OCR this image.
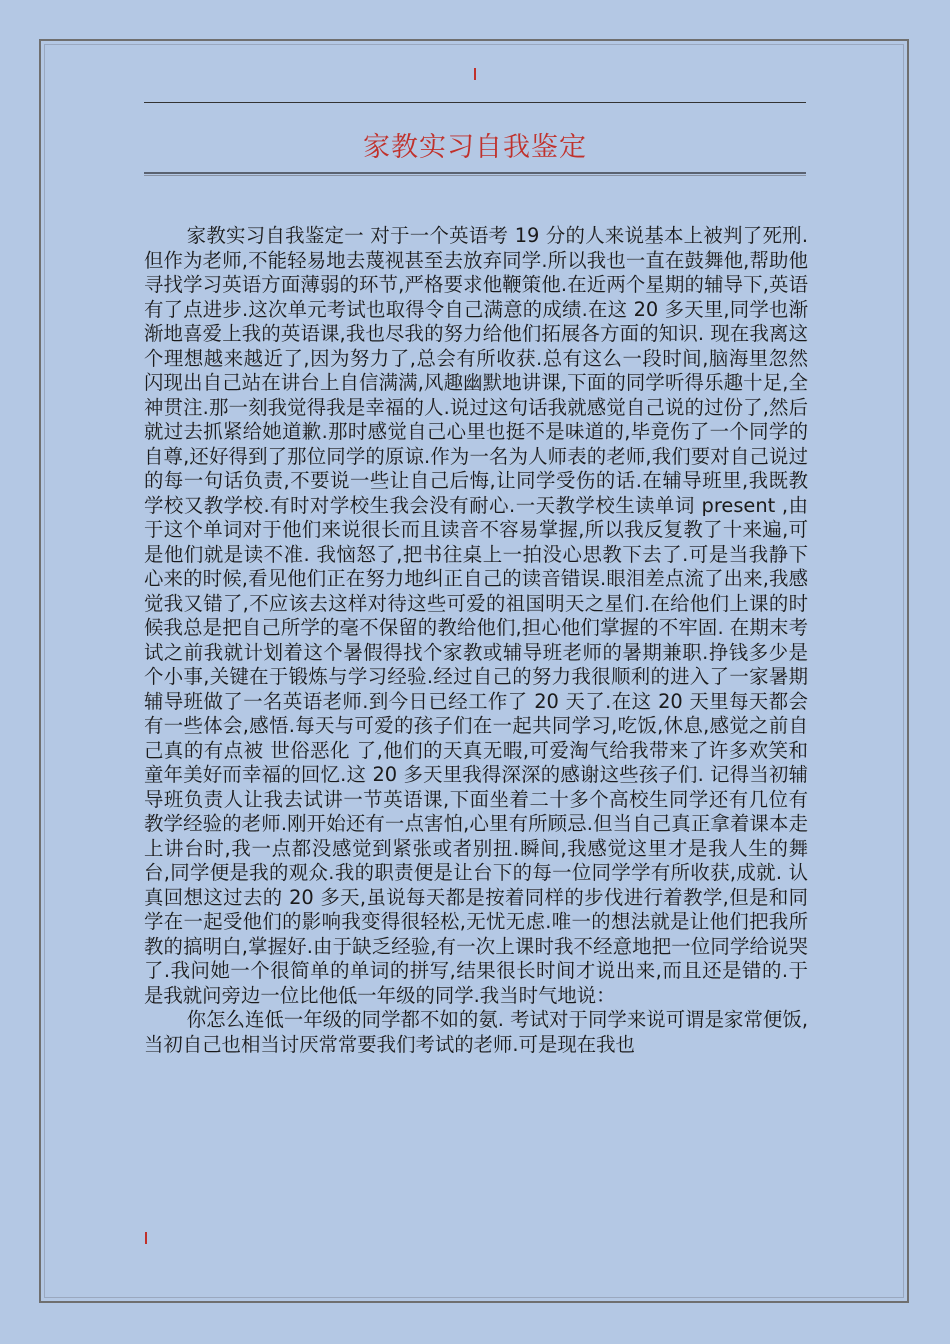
家教实习自我鉴定

家教实习自我鉴定一 对于一个英语考 19 分的人来说基本上被判了死刑.但作为老师,不能轻易地去蔑视甚至去放弃同学.所以我也一直在鼓舞他,帮助他寻找学习英语方面薄弱的环节,严格要求他鞭策他.在近两个星期的辅导下,英语有了点进步.这次单元考试也取得令自己满意的成绩.在这 20 多天里,同学也渐渐地喜爱上我的英语课,我也尽我的努力给他们拓展各方面的知识. 现在我离这个理想越来越近了,因为努力了,总会有所收获.总有这么一段时间,脑海里忽然闪现出自己站在讲台上自信满满,风趣幽默地讲课,下面的同学听得乐趣十足,全神贯注.那一刻我觉得我是幸福的人.说过这句话我就感觉自己说的过份了,然后就过去抓紧给她道歉.那时感觉自己心里也挺不是味道的,毕竟伤了一个同学的自尊,还好得到了那位同学的原谅.作为一名为人师表的老师,我们要对自己说过的每一句话负责,不要说一些让自己后悔,让同学受伤的话.在辅导班里,我既教学校又教学校.有时对学校生我会没有耐心.一天教学校生读单词 present ,由于这个单词对于他们来说很长而且读音不容易掌握,所以我反复教了十来遍,可是他们就是读不准. 我恼怒了,把书往桌上一拍没心思教下去了.可是当我静下心来的时候,看见他们正在努力地纠正自己的读音错误.眼泪差点流了出来,我感觉我又错了,不应该去这样对待这些可爱的祖国明天之星们.在给他们上课的时候我总是把自己所学的毫不保留的教给他们,担心他们掌握的不牢固. 在期末考试之前我就计划着这个暑假得找个家教或辅导班老师的暑期兼职.挣钱多少是个小事,关键在于锻炼与学习经验.经过自己的努力我很顺利的进入了一家暑期辅导班做了一名英语老师.到今日已经工作了 20 天了.在这 20 天里每天都会有一些体会,感悟.每天与可爱的孩子们在一起共同学习,吃饭,休息,感觉之前自己真的有点被 世俗恶化 了,他们的天真无暇,可爱淘气给我带来了许多欢笑和童年美好而幸福的回忆.这 20 多天里我得深深的感谢这些孩子们. 记得当初辅导班负责人让我去试讲一节英语课,下面坐着二十多个高校生同学还有几位有教学经验的老师.刚开始还有一点害怕,心里有所顾忌.但当自己真正拿着课本走上讲台时,我一点都没感觉到紧张或者别扭.瞬间,我感觉这里才是我人生的舞台,同学便是我的观众.我的职责便是让台下的每一位同学学有所收获,成就. 认真回想这过去的 20 多天,虽说每天都是按着同样的步伐进行着教学,但是和同学在一起受他们的影响我变得很轻松,无忧无虑.唯一的想法就是让他们把我所教的搞明白,掌握好.由于缺乏经验,有一次上课时我不经意地把一位同学给说哭了.我问她一个很简单的单词的拼写,结果很长时间才说出来,而且还是错的.于是我就问旁边一位比他低一年级的同学.我当时气地说：

你怎么连低一年级的同学都不如的氨. 考试对于同学来说可谓是家常便饭,当初自己也相当讨厌常常要我们考试的老师.可是现在我也
